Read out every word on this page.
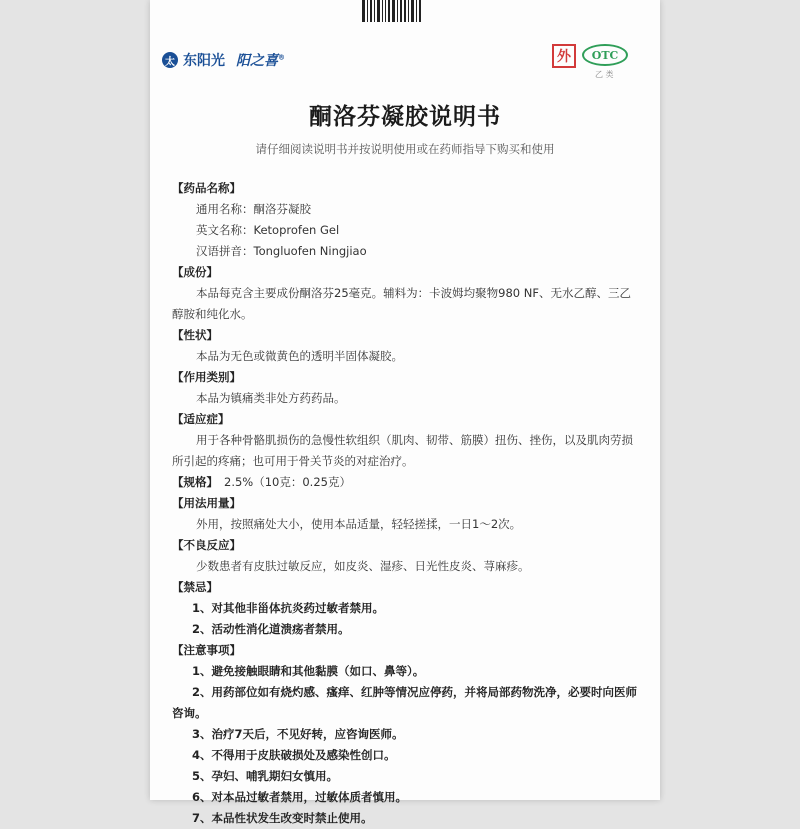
太 东阳光 阳之喜®	外	OTC
乙 类
酮洛芬凝胶说明书
请仔细阅读说明书并按说明使用或在药师指导下购买和使用
【药品名称】
通用名称：酮洛芬凝胶
英文名称：Ketoprofen Gel
汉语拼音：Tongluofen Ningjiao
【成份】
本品每克含主要成份酮洛芬25毫克。辅料为：卡波姆均聚物980 NF、无水乙醇、三乙醇胺和纯化水。
【性状】
本品为无色或微黄色的透明半固体凝胶。
【作用类别】
本品为镇痛类非处方药药品。
【适应症】
用于各种骨骼肌损伤的急慢性软组织（肌肉、韧带、筋膜）扭伤、挫伤，以及肌肉劳损所引起的疼痛；也可用于骨关节炎的对症治疗。
【规格】 2.5%（10克：0.25克）
【用法用量】
外用，按照痛处大小，使用本品适量，轻轻搓揉，一日1～2次。
【不良反应】
少数患者有皮肤过敏反应，如皮炎、湿疹、日光性皮炎、荨麻疹。
【禁忌】
1、对其他非甾体抗炎药过敏者禁用。
2、活动性消化道溃疡者禁用。
【注意事项】
1、避免接触眼睛和其他黏膜（如口、鼻等）。
2、用药部位如有烧灼感、瘙痒、红肿等情况应停药，并将局部药物洗净，必要时向医师
咨询。
3、治疗7天后，不见好转，应咨询医师。
4、不得用于皮肤破损处及感染性创口。
5、孕妇、哺乳期妇女慎用。
6、对本品过敏者禁用，过敏体质者慎用。
7、本品性状发生改变时禁止使用。
